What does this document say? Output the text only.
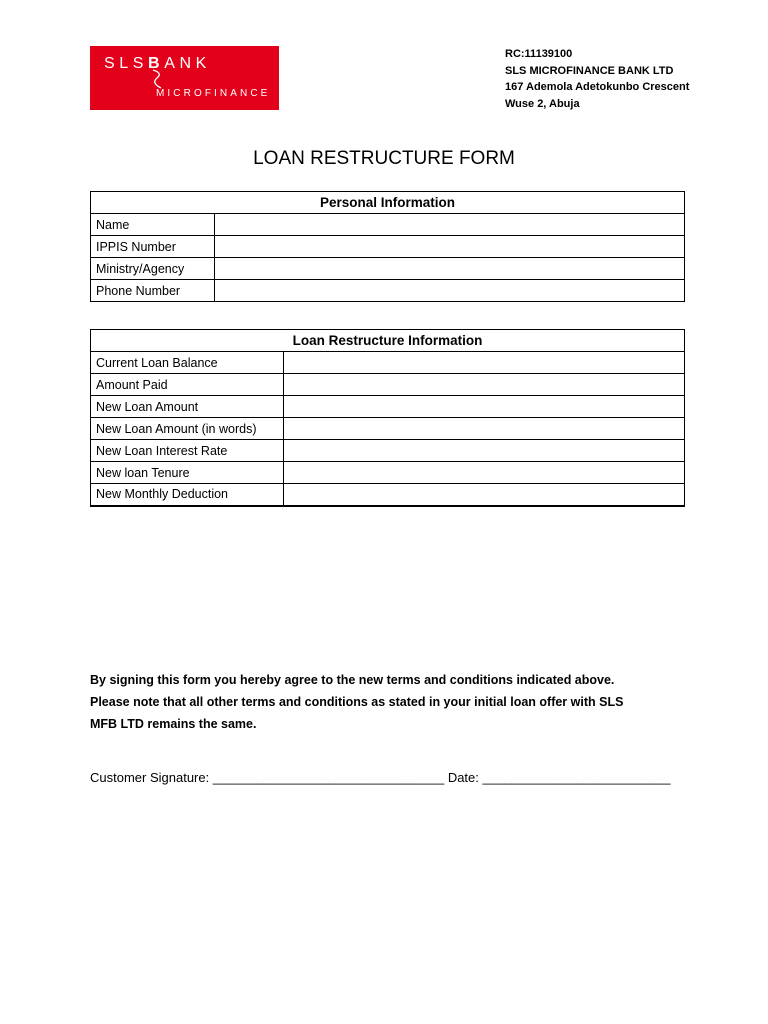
SLSBANK
MICROFINANCE
RC:11139100
SLS MICROFINANCE BANK LTD
167 Ademola Adetokunbo Crescent
Wuse 2, Abuja
LOAN RESTRUCTURE FORM
Personal Information	
Name	
IPPIS Number	
Ministry/Agency	
Phone Number	
Loan Restructure Information	
Current Loan Balance	
Amount Paid	
New Loan Amount	
New Loan Amount (in words)	
New Loan Interest Rate	
New loan Tenure	
New Monthly Deduction	
By signing this form you hereby agree to the new terms and conditions indicated above.
Please note that all other terms and conditions as stated in your initial loan offer with SLS
MFB LTD remains the same.
Customer Signature: ________________________________ Date: __________________________
